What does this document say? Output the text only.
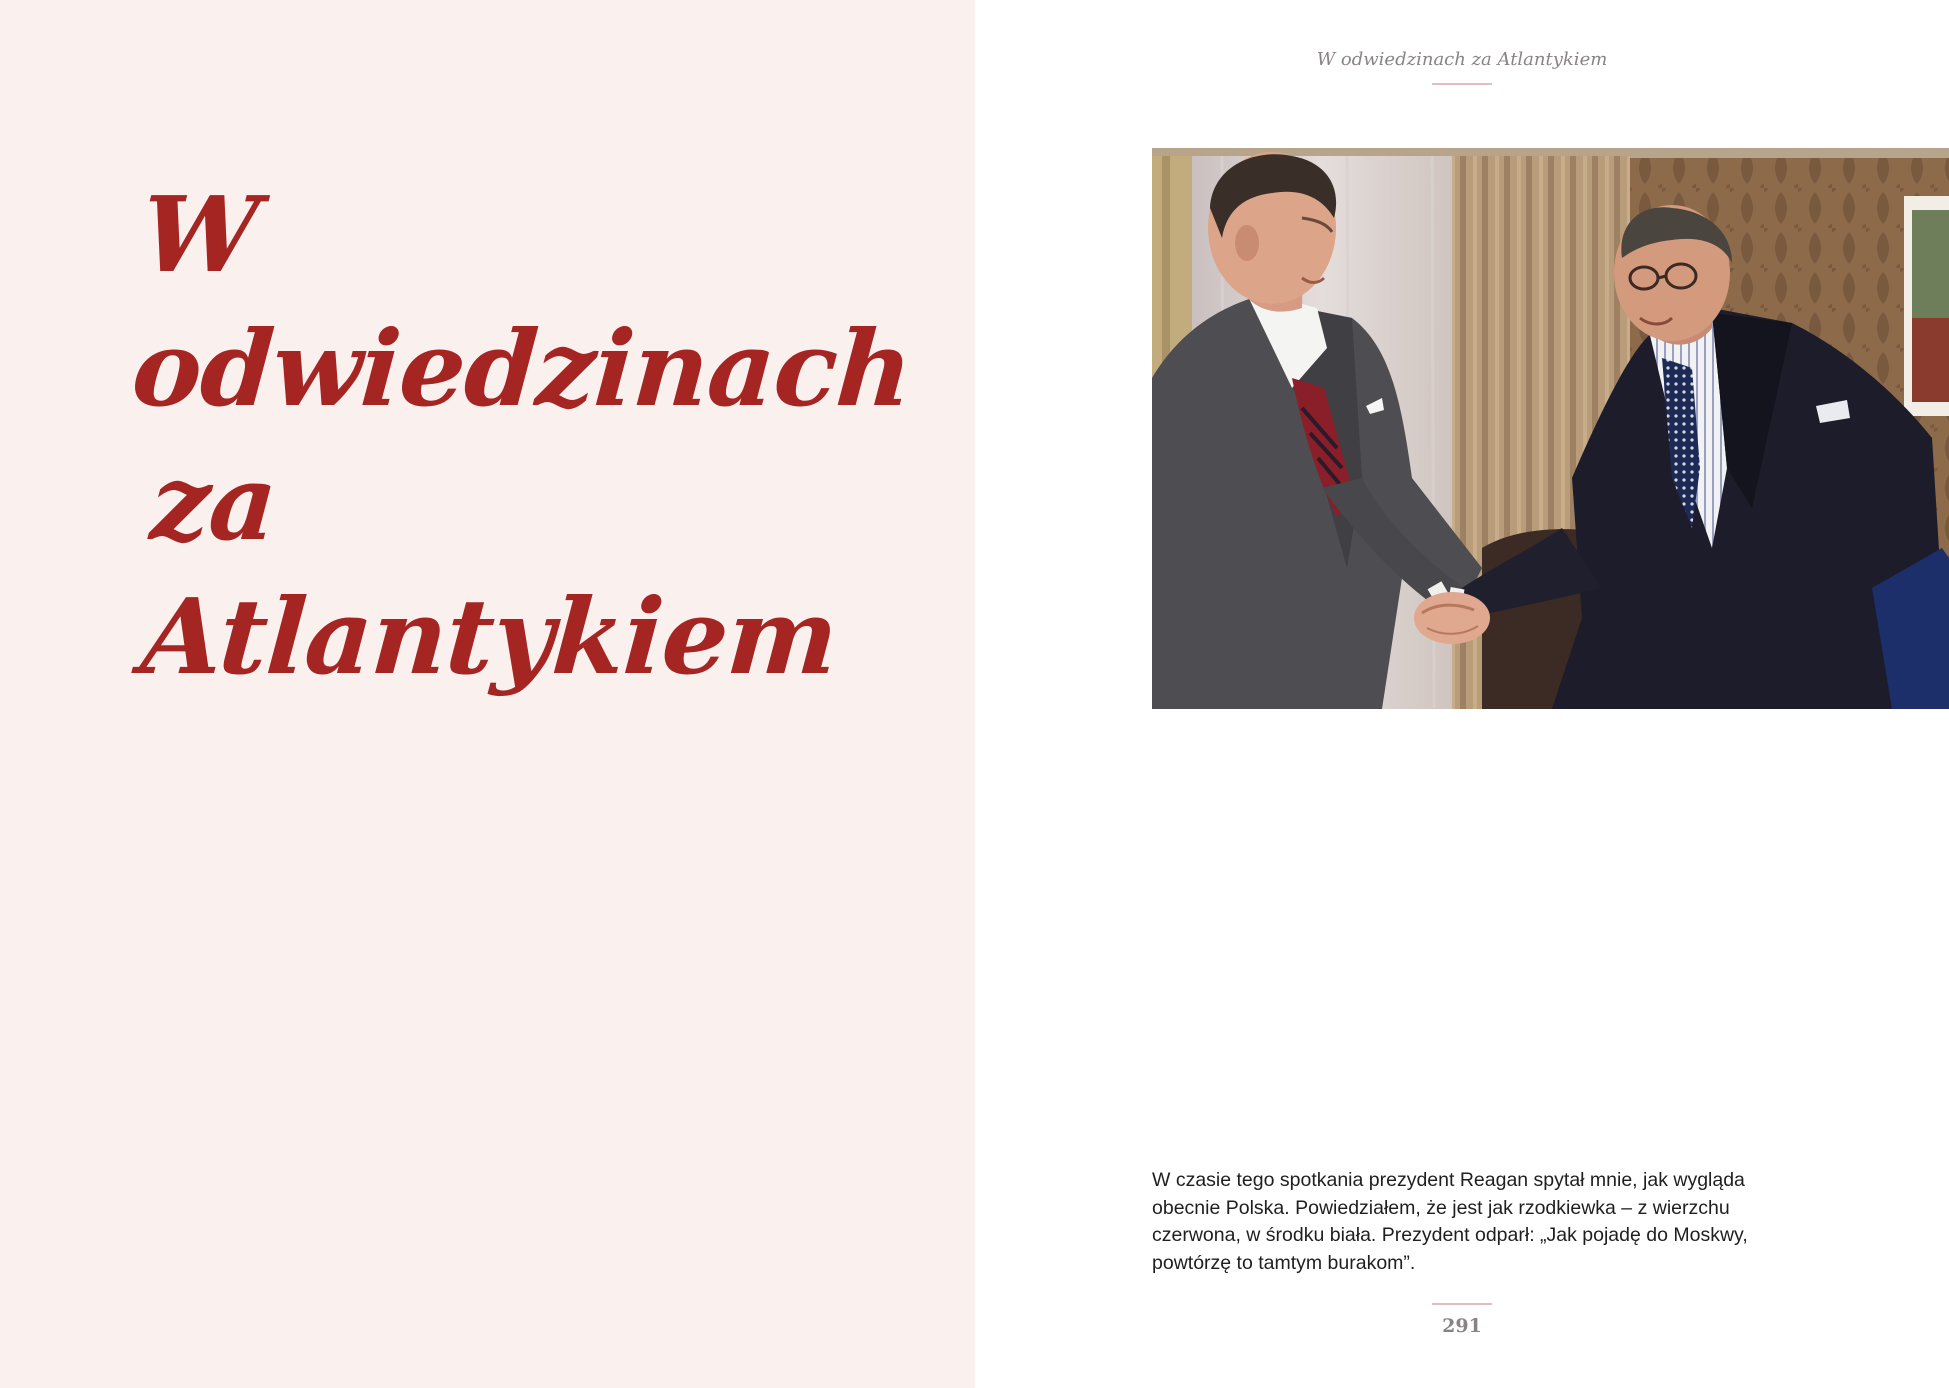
W odwiedzinach
za Atlantykiem
W odwiedzinach za Atlantykiem
W czasie tego spotkania prezydent Reagan spytał mnie, jak wygląda
obecnie Polska. Powiedziałem, że jest jak rzodkiewka – z wierzchu
czerwona, w środku biała. Prezydent odparł: „Jak pojadę do Moskwy,
powtórzę to tamtym burakom”.
291
